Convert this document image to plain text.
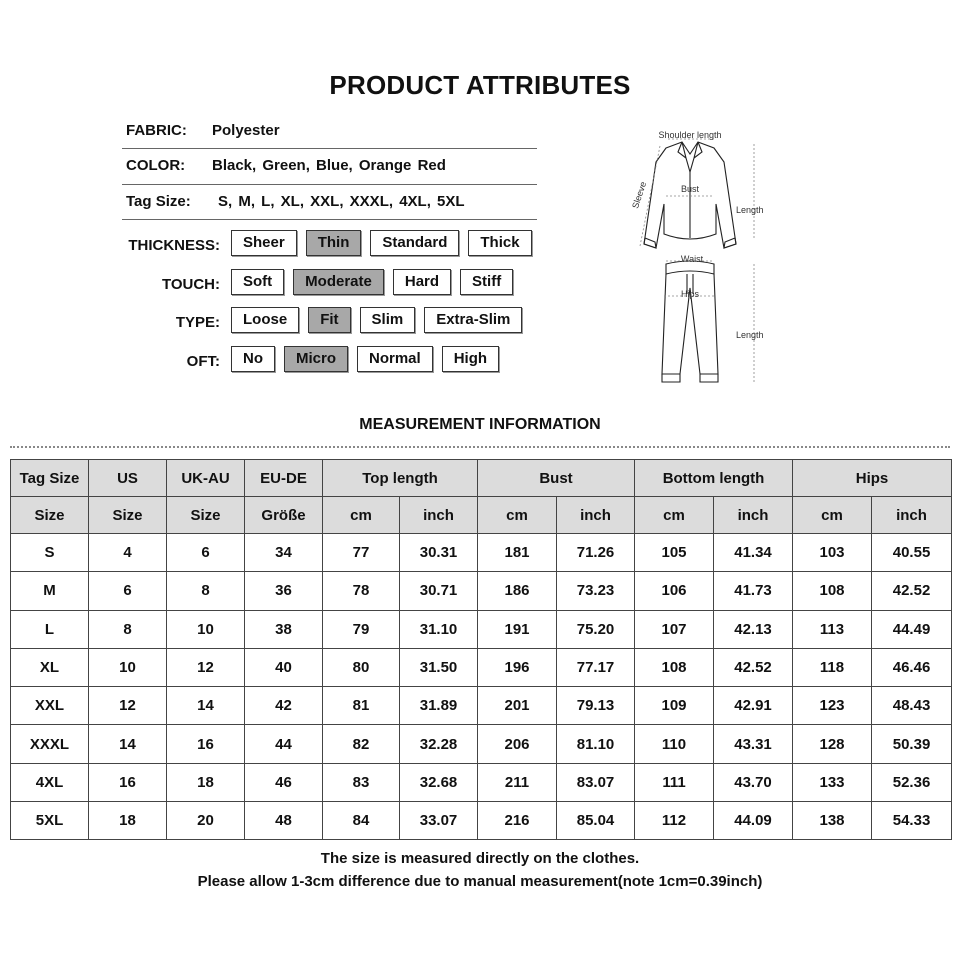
PRODUCT ATTRIBUTES
FABRIC: Polyester
COLOR: Black, Green, Blue, Orange Red
Tag Size: S, M, L, XL, XXL, XXXL, 4XL, 5XL
THICKNESS:	Sheer	Thin	Standard	Thick
TOUCH:	Soft	Moderate	Hard	Stiff
TYPE:	Loose	Fit	Slim	Extra-Slim
OFT:	No	Micro	Normal	High
Shoulder length
Sleeve	Bust
Length
Waist
Hips
Length
MEASUREMENT INFORMATION
Tag Size	US	UK-AU	EU-DE	Top length		Bust		Bottom length		Hips	
Size	Size	Size	Größe	cm	inch	cm	inch	cm	inch	cm	inch
S	4	6	34	77	30.31	181	71.26	105	41.34	103	40.55
M	6	8	36	78	30.71	186	73.23	106	41.73	108	42.52
L	8	10	38	79	31.10	191	75.20	107	42.13	113	44.49
XL	10	12	40	80	31.50	196	77.17	108	42.52	118	46.46
XXL	12	14	42	81	31.89	201	79.13	109	42.91	123	48.43
XXXL	14	16	44	82	32.28	206	81.10	110	43.31	128	50.39
4XL	16	18	46	83	32.68	211	83.07	111	43.70	133	52.36
5XL	18	20	48	84	33.07	216	85.04	112	44.09	138	54.33
The size is measured directly on the clothes.
Please allow 1-3cm difference due to manual measurement(note 1cm=0.39inch)
